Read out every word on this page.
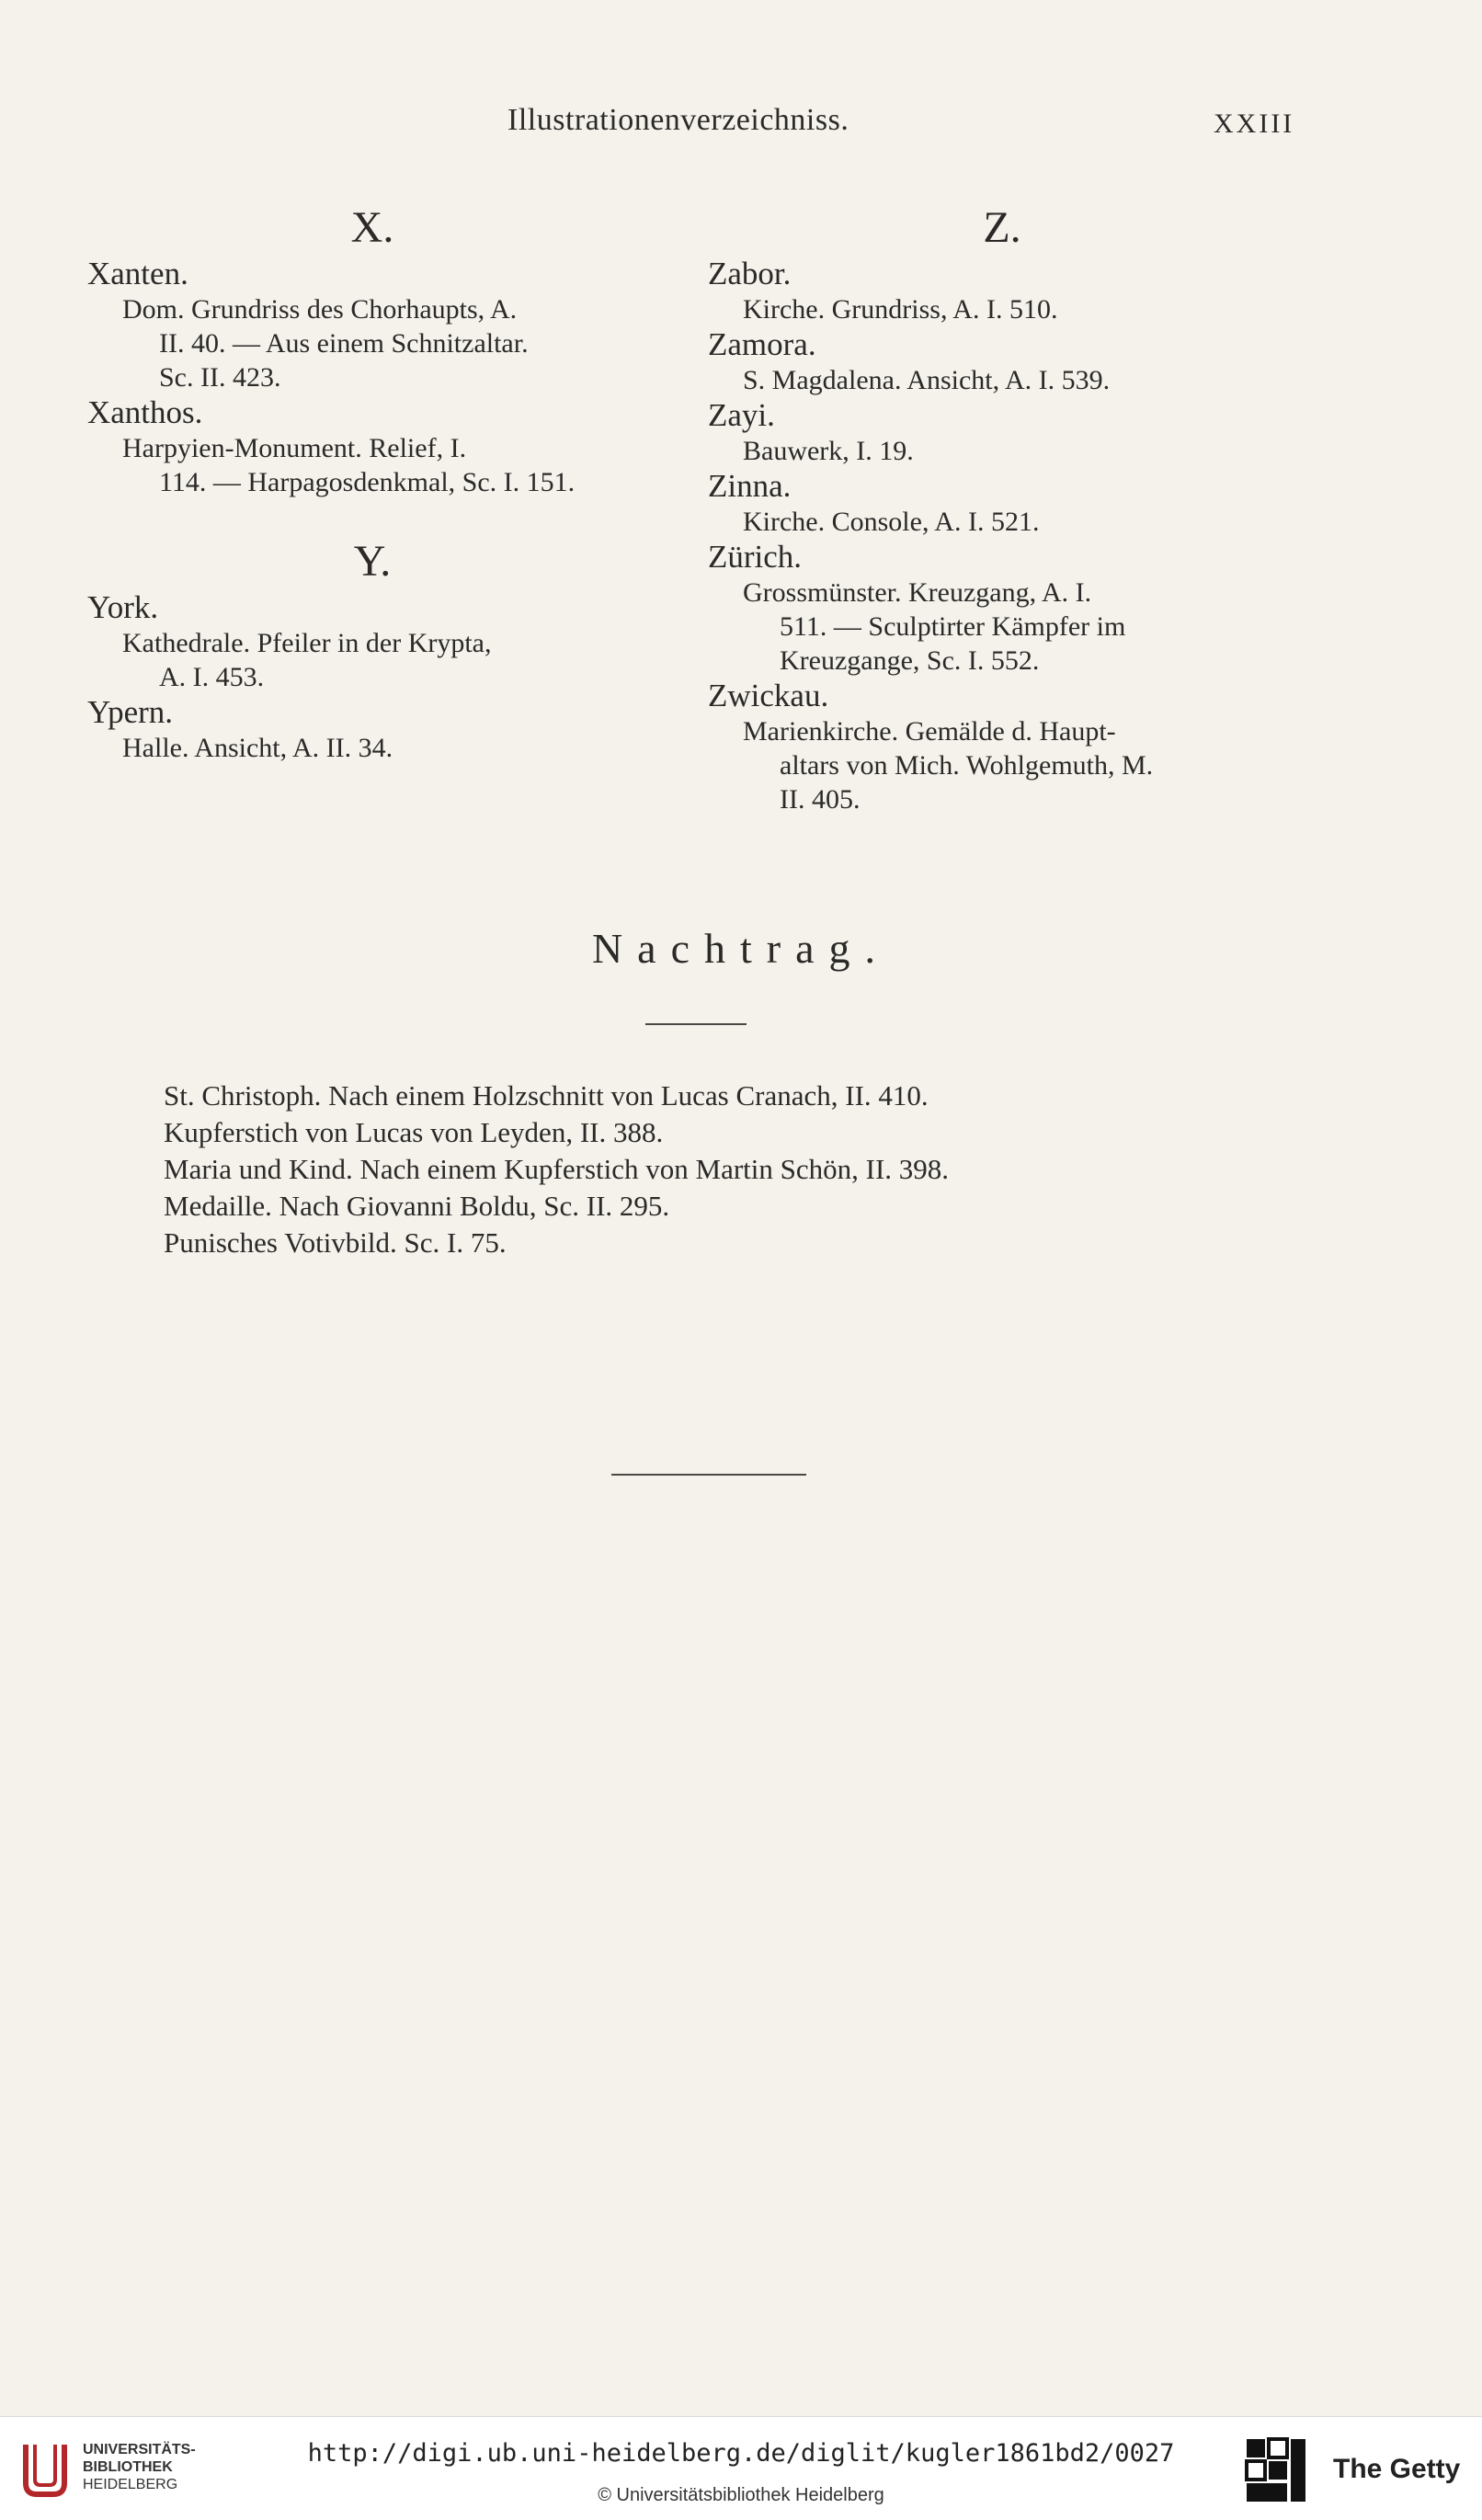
Illustrationenverzeichniss.	XXIII
X.
Xanten.
Dom. Grundriss des Chorhaupts, A.
II. 40. — Aus einem Schnitzaltar.
Sc. II. 423.
Xanthos.
Harpyien-Monument. Relief, I.
114. — Harpagosdenkmal, Sc. I. 151.
Y.
York.
Kathedrale. Pfeiler in der Krypta,
A. I. 453.
Ypern.
Halle. Ansicht, A. II. 34.
Z.
Zabor.
Kirche. Grundriss, A. I. 510.
Zamora.
S. Magdalena. Ansicht, A. I. 539.
Zayi.
Bauwerk, I. 19.
Zinna.
Kirche. Console, A. I. 521.
Zürich.
Grossmünster. Kreuzgang, A. I.
511. — Sculptirter Kämpfer im
Kreuzgange, Sc. I. 552.
Zwickau.
Marienkirche. Gemälde d. Haupt-
altars von Mich. Wohlgemuth, M.
II. 405.
Nachtrag.

St. Christoph. Nach einem Holzschnitt von Lucas Cranach, II. 410.

Kupferstich von Lucas von Leyden, II. 388.

Maria und Kind. Nach einem Kupferstich von Martin Schön, II. 398.

Medaille. Nach Giovanni Boldu, Sc. II. 295.

Punisches Votivbild. Sc. I. 75.

UNIVERSITÄTS-
BIBLIOTHEK
HEIDELBERG
http://digi.ub.uni-heidelberg.de/diglit/kugler1861bd2/0027
© Universitätsbibliothek Heidelberg
The Getty
